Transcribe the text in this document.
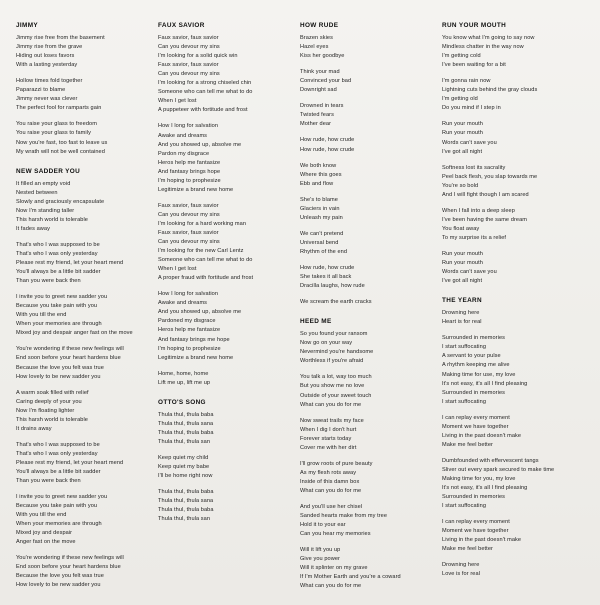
JIMMY
Jimmy rise free from the basement
Jimmy rise from the grave
Hiding out loses favors
With a lasting yesterday
Hollow times fold together
Paparazzi to blame
Jimmy never was clever
The perfect fool for ramparts gain
You raise your glass to freedom
You raise your glass to family
Now you're fast, too fast to leave us
My wrath will not be well contained
NEW SADDER YOU
It filled an empty void
Nested between
Slowly and graciously encapsulate
Now I'm standing taller
This harsh world is tolerable
It fades away
That's who I was supposed to be
That's who I was only yesterday
Please rest my friend, let your heart mend
You'll always be a little bit sadder
Than you were back then
I invite you to greet new sadder you
Because you take pain with you
With you till the end
When your memories are through
Mixed joy and despair anger fast on the move
You're wondering if these new feelings will
End soon before your heart hardens blue
Because the love you felt was true
How lovely to be new sadder you
A warm soak filled with relief
Caring deeply of your you
Now I'm floating lighter
This harsh world is tolerable
It drains away
That's who I was supposed to be
That's who I was only yesterday
Please rest my friend, let your heart mend
You'll always be a little bit sadder
Than you were back then
I invite you to greet new sadder you
Because you take pain with you
With you till the end
When your memories are through
Mixed joy and despair
Anger fast on the move
You're wondering if these new feelings will
End soon before your heart hardens blue
Because the love you felt was true
How lovely to be new sadder you
FAUX SAVIOR
Faux savior, faux savior
Can you devour my sins
I'm looking for a solid quick win
Faux savior, faux savior
Can you devour my sins
I'm looking for a strong chiseled chin
Someone who can tell me what to do
When I get lost
A puppeteer with fortitude and frost
How I long for salvation
Awake and dreams
And you showed up, absolve me
Pardon my disgrace
Heros help me fantasize
And fantasy brings hope
I'm hoping to prophesize
Legitimize a brand new home
Faux savior, faux savior
Can you devour my sins
I'm looking for a hard working man
Faux savior, faux savior
Can you devour my sins
I'm looking for the new Carl Lentz
Someone who can tell me what to do
When I get lost
A proper fraud with fortitude and frost
How I long for salvation
Awake and dreams
And you showed up, absolve me
Pardoned my disgrace
Heros help me fantasize
And fantasy brings me hope
I'm hoping to prophesize
Legitimize a brand new home
Home, home, home
Lift me up, lift me up
OTTO'S SONG
Thula thul, thula baba
Thula thul, thula sana
Thula thul, thula baba
Thula thul, thula san
Keep quiet my child
Keep quiet my babe
I'll be home right now
Thula thul, thula baba
Thula thul, thula sana
Thula thul, thula baba
Thula thul, thula san
HOW RUDE
Brazen skies
Hazel eyes
Kiss her goodbye
Think your mad
Convinced your bad
Downright sad
Drowned in tears
Twisted fears
Mother dear
How rude, how crude
How rude, how crude
We both know
Where this goes
Ebb and flow
She's to blame
Glaciers in vain
Unleash my pain
We can't pretend
Universal bend
Rhythm of the end
How rude, how crude
She takes it all back
Dracilla laughs, how rude
We scream the earth cracks
HEED ME
So you found your ransom
Now go on your way
Nevermind you're handsome
Worthless if you're afraid
You talk a lot, way too much
But you show me no love
Outside of your sweet touch
What can you do for me
Now sweat trails my face
When I dig I don't hurt
Forever starts today
Cover me with her dirt
I'll grow roots of pure beauty
As my flesh rots away
Inside of this damn box
What can you do for me
And you'll use her chisel
Sanded hearts make from my tree
Hold it to your ear
Can you hear my memories
Will it lift you up
Give you power
Will it splinter on my grave
If I'm Mother Earth and you're a coward
What can you do for me
RUN YOUR MOUTH
You know what I'm going to say now
Mindless chatter in the way now
I'm getting cold
I've been waiting for a bit
I'm gonna rain now
Lightning cuts behind the gray clouds
I'm getting old
Do you mind if I step in
Run your mouth
Run your mouth
Words can't save you
I've got all night
Softness lost its sacrality
Peel back flesh, you slap towards me
You're so bold
And I will fight though I am scared
When I fall into a deep sleep
I've been having the same dream
You float away
To my surprise its a relief
Run your mouth
Run your mouth
Words can't save you
I've got all night
THE YEARN
Drowning here
Heart is for real
Surrounded in memories
I start suffocating
A servant to your pulse
A rhythm keeping me alive
Making time for use, my love
It's not easy, it's all I find pleasing
Surrounded in memories
I start suffocating
I can replay every moment
Moment we have together
Living in the past doesn't make
Make me feel better
Dumbfounded with effervescent tangs
Sliver out every spark secured to make time
Making time for you, my love
It's not easy, it's all I find pleasing
Surrounded in memories
I start suffocating
I can replay every moment
Moment we have together
Living in the past doesn't make
Make me feel better
Drowning here
Love is for real
